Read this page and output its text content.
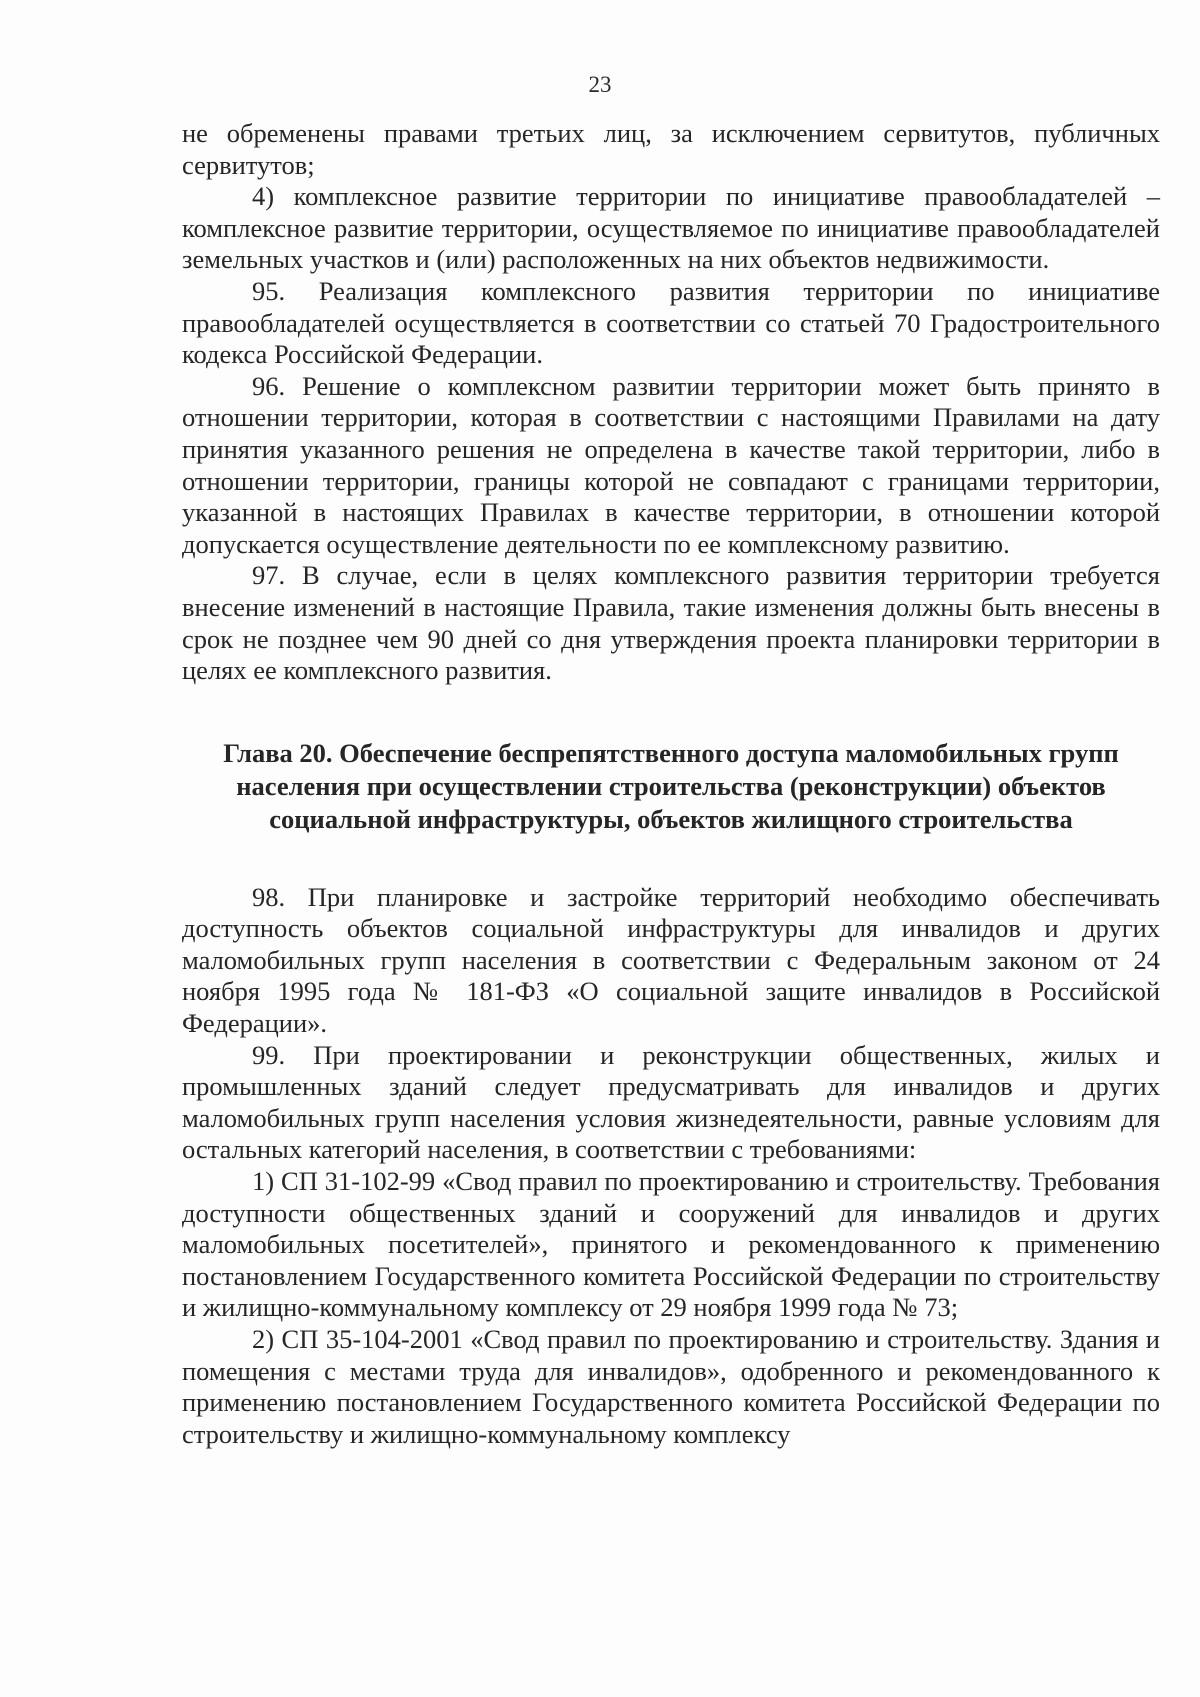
23

не обременены правами третьих лиц, за исключением сервитутов, публичных сервитутов;

4) комплексное развитие территории по инициативе правообладателей – комплексное развитие территории, осуществляемое по инициативе правообладателей земельных участков и (или) расположенных на них объектов недвижимости.

95. Реализация комплексного развития территории по инициативе правообладателей осуществляется в соответствии со статьей 70 Градостроительного кодекса Российской Федерации.

96. Решение о комплексном развитии территории может быть принято в отношении территории, которая в соответствии с настоящими Правилами на дату принятия указанного решения не определена в качестве такой территории, либо в отношении территории, границы которой не совпадают с границами территории, указанной в настоящих Правилах в качестве территории, в отношении которой допускается осуществление деятельности по ее комплексному развитию.

97. В случае, если в целях комплексного развития территории требуется внесение изменений в настоящие Правила, такие изменения должны быть внесены в срок не позднее чем 90 дней со дня утверждения проекта планировки территории в целях ее комплексного развития.

Глава 20. Обеспечение беспрепятственного доступа маломобильных групп
населения при осуществлении строительства (реконструкции) объектов
социальной инфраструктуры, объектов жилищного строительства

98. При планировке и застройке территорий необходимо обеспечивать доступность объектов социальной инфраструктуры для инвалидов и других маломобильных групп населения в соответствии с Федеральным законом от 24 ноября 1995 года № 181-ФЗ «О социальной защите инвалидов в Российской Федерации».

99. При проектировании и реконструкции общественных, жилых и промышленных зданий следует предусматривать для инвалидов и других маломобильных групп населения условия жизнедеятельности, равные условиям для остальных категорий населения, в соответствии с требованиями:

1) СП 31-102-99 «Свод правил по проектированию и строительству. Требования доступности общественных зданий и сооружений для инвалидов и других маломобильных посетителей», принятого и рекомендованного к применению постановлением Государственного комитета Российской Федерации по строительству и жилищно-коммунальному комплексу от 29 ноября 1999 года № 73;

2) СП 35-104-2001 «Свод правил по проектированию и строительству. Здания и помещения с местами труда для инвалидов», одобренного и рекомендованного к применению постановлением Государственного комитета Российской Федерации по строительству и жилищно-коммунальному комплексу
